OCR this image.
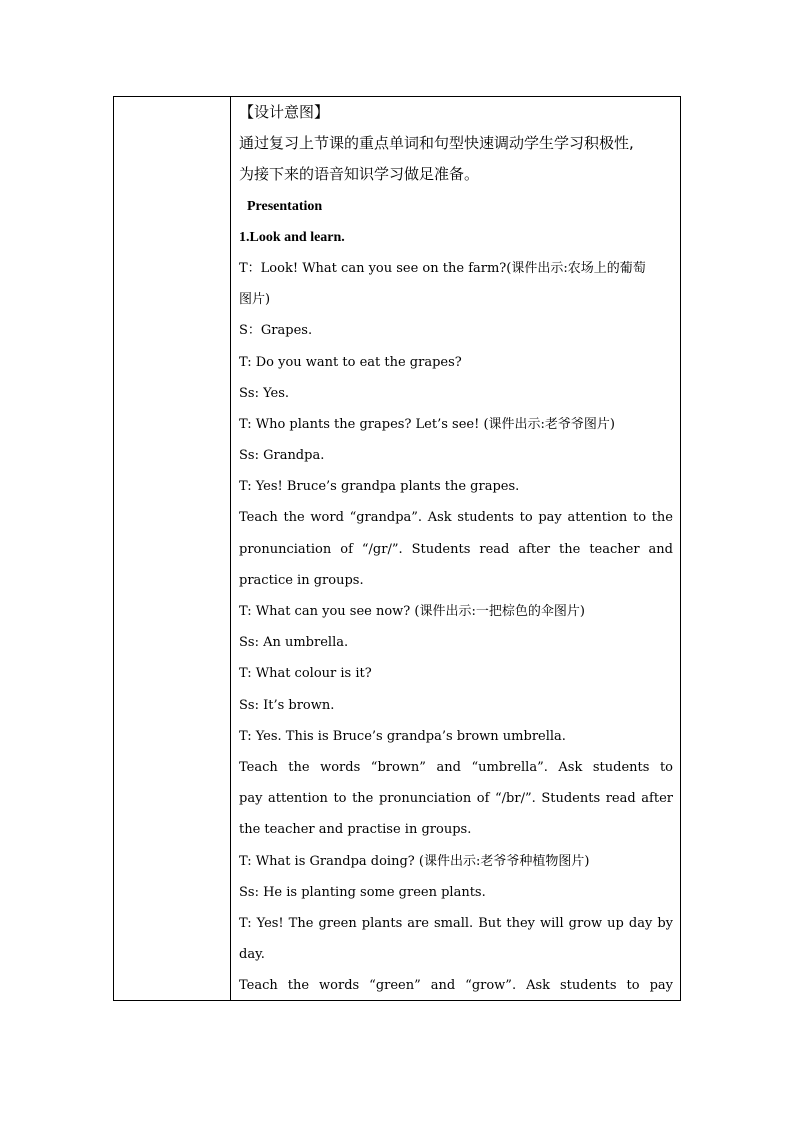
【设计意图】
通过复习上节课的重点单词和句型快速调动学生学习积极性,
为接下来的语音知识学习做足准备。
Presentation
1.Look and learn.
T：Look! What can you see on the farm?(课件出示:农场上的葡萄
图片)
S：Grapes.
T: Do you want to eat the grapes?
Ss: Yes.
T: Who plants the grapes? Let’s see! (课件出示:老爷爷图片)
Ss: Grandpa.
T: Yes! Bruce’s grandpa plants the grapes.
Teach the word “grandpa”. Ask students to pay attention to the
pronunciation of “/gr/”. Students read after the teacher and
practice in groups.
T: What can you see now? (课件出示:一把棕色的伞图片)
Ss: An umbrella.
T: What colour is it?
Ss: It’s brown.
T: Yes. This is Bruce’s grandpa’s brown umbrella.
Teach the words “brown” and “umbrella”. Ask students to
pay attention to the pronunciation of “/br/”. Students read after
the teacher and practise in groups.
T: What is Grandpa doing? (课件出示:老爷爷种植物图片)
Ss: He is planting some green plants.
T: Yes! The green plants are small. But they will grow up day by
day.
Teach the words “green” and “grow”. Ask students to pay
